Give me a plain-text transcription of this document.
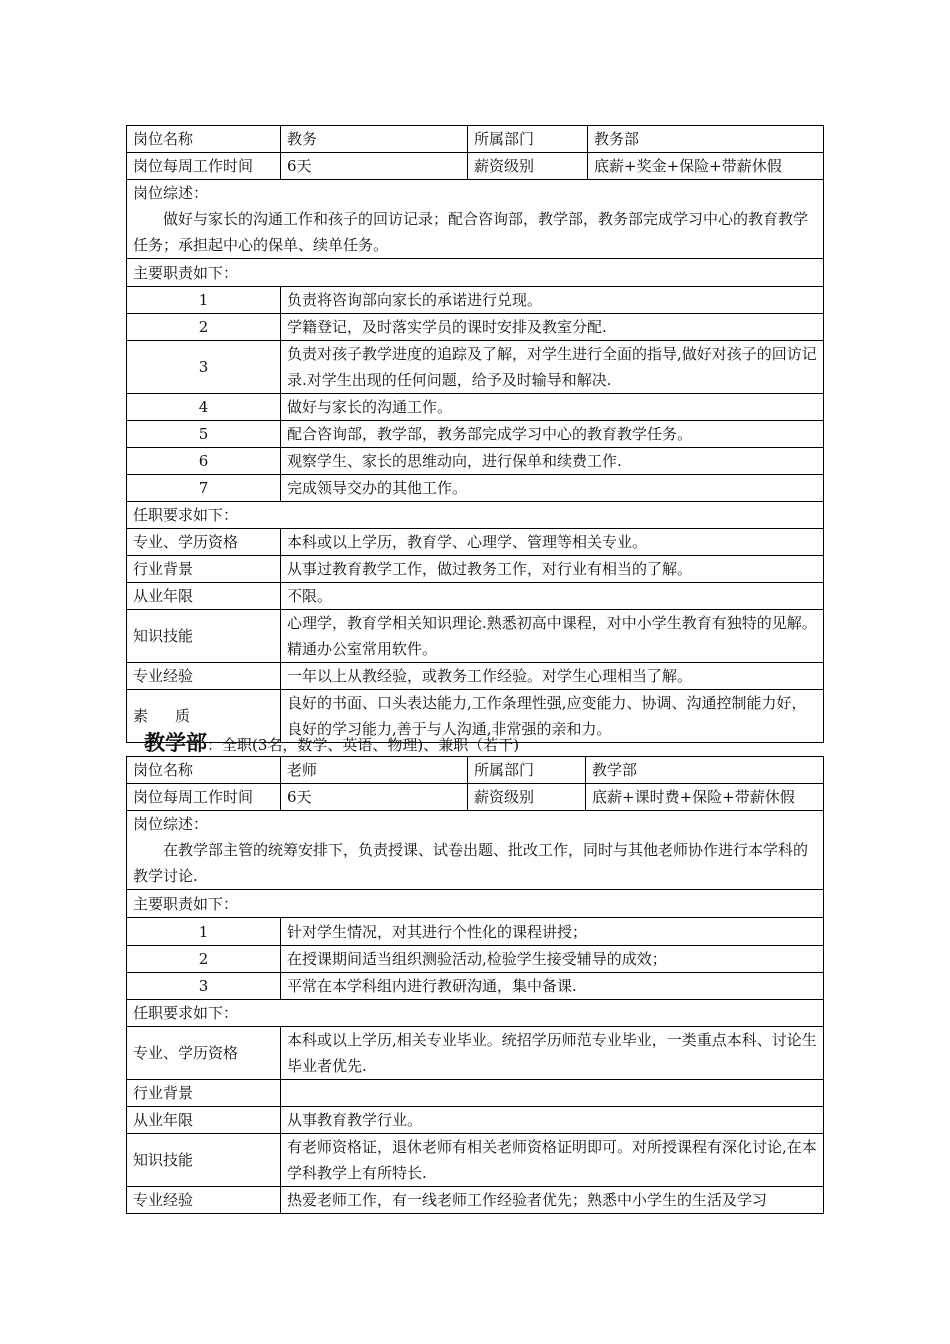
岗位名称	教务	所属部门	教务部
岗位每周工作时间	6天	薪资级别	底薪+奖金+保险+带薪休假

岗位综述：
做好与家长的沟通工作和孩子的回访记录；配合咨询部，教学部，教务部完成学习中心的教育教学任务；承担起中心的保单、续单任务。			

主要职责如下：			
1	负责将咨询部向家长的承诺进行兑现。		
2	学籍登记，及时落实学员的课时安排及教室分配.		
3	负责对孩子教学进度的追踪及了解，对学生进行全面的指导,做好对孩子的回访记录.对学生出现的任何问题，给予及时输导和解决.		
4	做好与家长的沟通工作。		
5	配合咨询部，教学部，教务部完成学习中心的教育教学任务。		
6	观察学生、家长的思维动向，进行保单和续费工作.		
7	完成领导交办的其他工作。		
任职要求如下：			
专业、学历资格	本科或以上学历，教育学、心理学、管理等相关专业。		
行业背景	从事过教育教学工作，做过教务工作，对行业有相当的了解。		
从业年限	不限。		
知识技能	心理学，教育学相关知识理论.熟悉初高中课程，对中小学生教育有独特的见解。精通办公室常用软件。		
专业经验	一年以上从教经验，或教务工作经验。对学生心理相当了解。		
素质	良好的书面、口头表达能力,工作条理性强,应变能力、协调、沟通控制能力好，良好的学习能力,善于与人沟通,非常强的亲和力。		
教学部：全职(3名，数学、英语、物理)、兼职（若干)
岗位名称	老师	所属部门	教学部
岗位每周工作时间	6天	薪资级别	底薪+课时费+保险+带薪休假

岗位综述：
在教学部主管的统筹安排下，负责授课、试卷出题、批改工作，同时与其他老师协作进行本学科的教学讨论.			

主要职责如下：			
1	针对学生情况，对其进行个性化的课程讲授；		
2	在授课期间适当组织测验活动,检验学生接受辅导的成效；		
3	平常在本学科组内进行教研沟通，集中备课.		
任职要求如下：			
专业、学历资格	本科或以上学历,相关专业毕业。统招学历师范专业毕业，一类重点本科、讨论生毕业者优先.		
行业背景			
从业年限	从事教育教学行业。		
知识技能	有老师资格证，退休老师有相关老师资格证明即可。对所授课程有深化讨论,在本学科教学上有所特长.		
专业经验	热爱老师工作，有一线老师工作经验者优先；熟悉中小学生的生活及学习		
